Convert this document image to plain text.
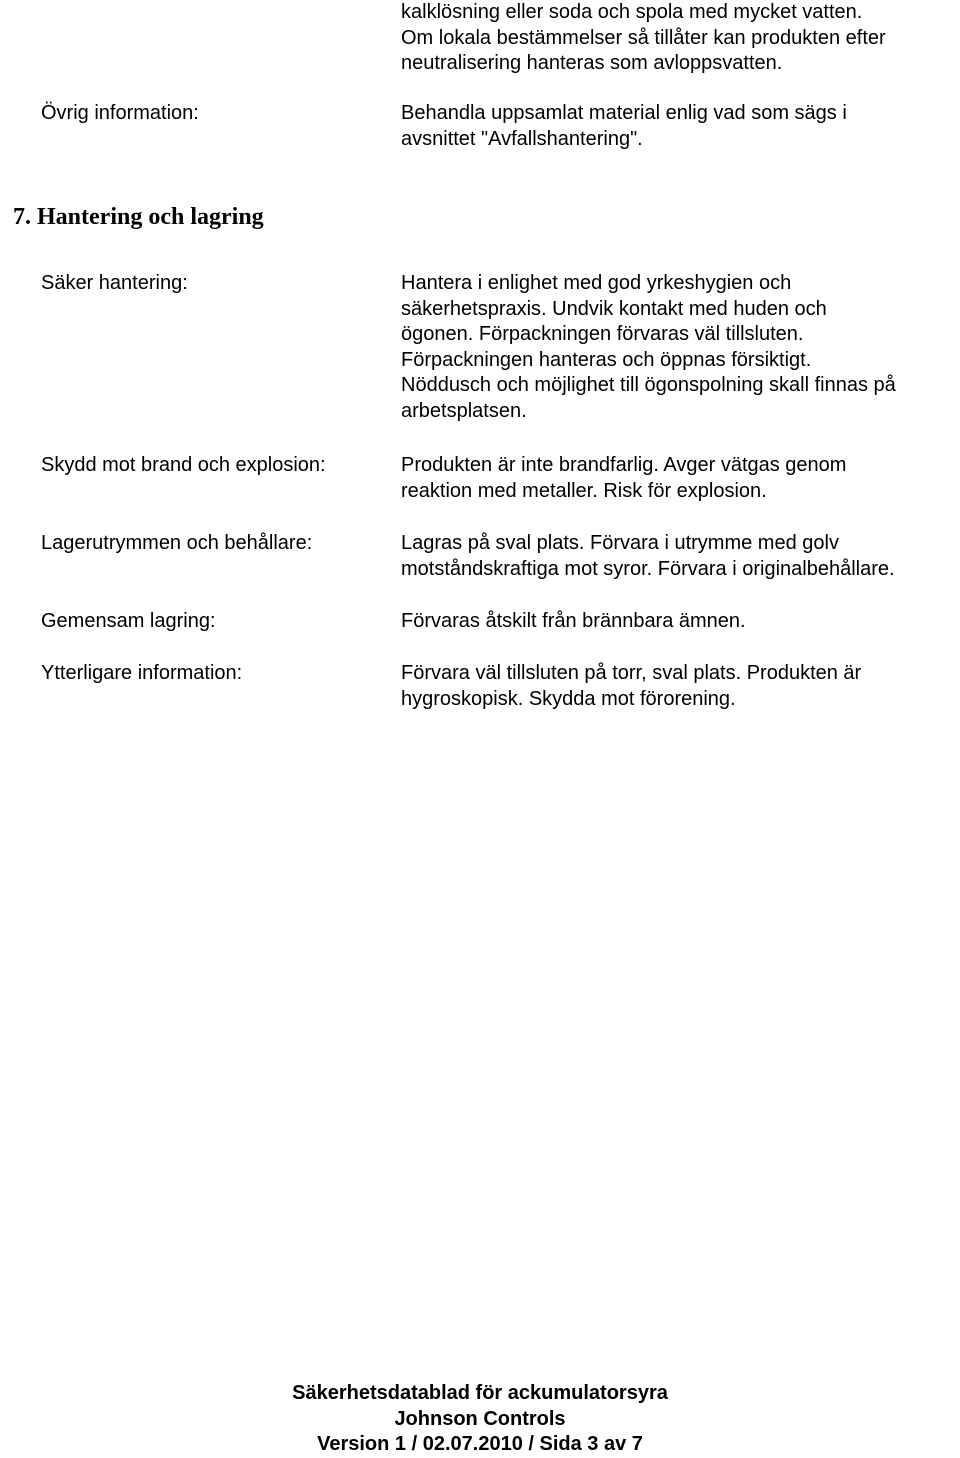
kalklösning eller soda och spola med mycket vatten.
Om lokala bestämmelser så tillåter kan produkten efter
neutralisering hanteras som avloppsvatten.
Övrig information:	Behandla uppsamlat material enlig vad som sägs i
avsnittet "Avfallshantering".
7. Hantering och lagring
Säker hantering:	Hantera i enlighet med god yrkeshygien och
säkerhetspraxis. Undvik kontakt med huden och
ögonen. Förpackningen förvaras väl tillsluten.
Förpackningen hanteras och öppnas försiktigt.
Nöddusch och möjlighet till ögonspolning skall finnas på
arbetsplatsen.
Skydd mot brand och explosion:	Produkten är inte brandfarlig. Avger vätgas genom
reaktion med metaller. Risk för explosion.
Lagerutrymmen och behållare:	Lagras på sval plats. Förvara i utrymme med golv
motståndskraftiga mot syror. Förvara i originalbehållare.
Gemensam lagring:	Förvaras åtskilt från brännbara ämnen.
Ytterligare information:	Förvara väl tillsluten på torr, sval plats. Produkten är
hygroskopisk. Skydda mot förorening.
Säkerhetsdatablad för ackumulatorsyra
Johnson Controls
Version 1 / 02.07.2010 / Sida 3 av 7
